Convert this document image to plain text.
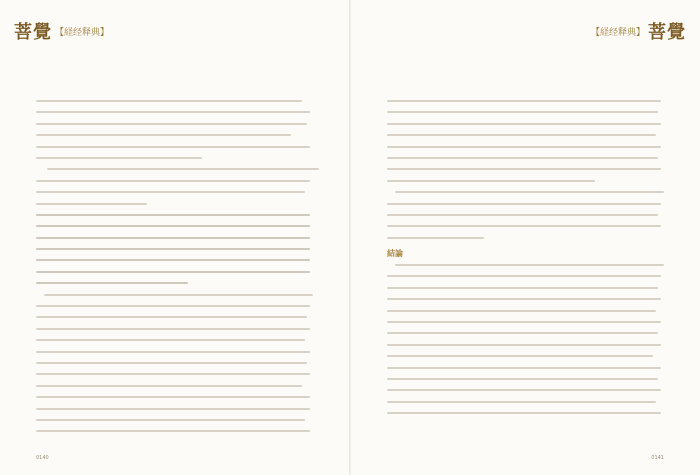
菩覺 【経经释典】
0140
【経经释典】 菩覺
結論
0141
